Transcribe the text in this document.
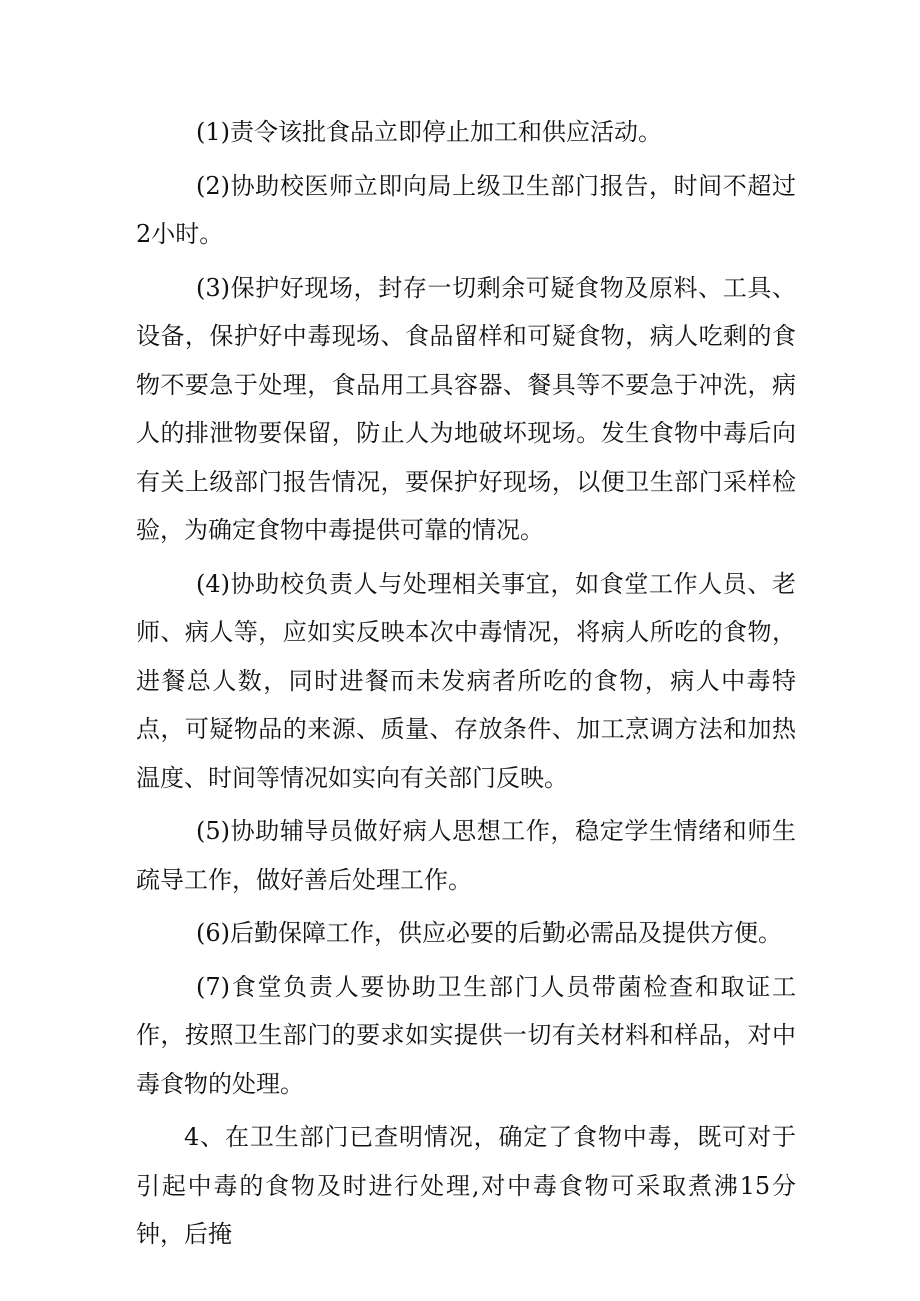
(1)责令该批食品立即停止加工和供应活动。

(2)协助校医师立即向局上级卫生部门报告，时间不超过2小时。

(3)保护好现场，封存一切剩余可疑食物及原料、工具、设备，保护好中毒现场、食品留样和可疑食物，病人吃剩的食物不要急于处理，食品用工具容器、餐具等不要急于冲洗，病人的排泄物要保留，防止人为地破坏现场。发生食物中毒后向有关上级部门报告情况，要保护好现场，以便卫生部门采样检验，为确定食物中毒提供可靠的情况。

(4)协助校负责人与处理相关事宜，如食堂工作人员、老师、病人等，应如实反映本次中毒情况，将病人所吃的食物，进餐总人数，同时进餐而未发病者所吃的食物，病人中毒特点，可疑物品的来源、质量、存放条件、加工烹调方法和加热温度、时间等情况如实向有关部门反映。

(5)协助辅导员做好病人思想工作，稳定学生情绪和师生疏导工作，做好善后处理工作。

(6)后勤保障工作，供应必要的后勤必需品及提供方便。

(7)食堂负责人要协助卫生部门人员带菌检查和取证工作，按照卫生部门的要求如实提供一切有关材料和样品，对中毒食物的处理。

4、在卫生部门已查明情况，确定了食物中毒，既可对于引起中毒的食物及时进行处理,对中毒食物可采取煮沸15分钟，后掩
